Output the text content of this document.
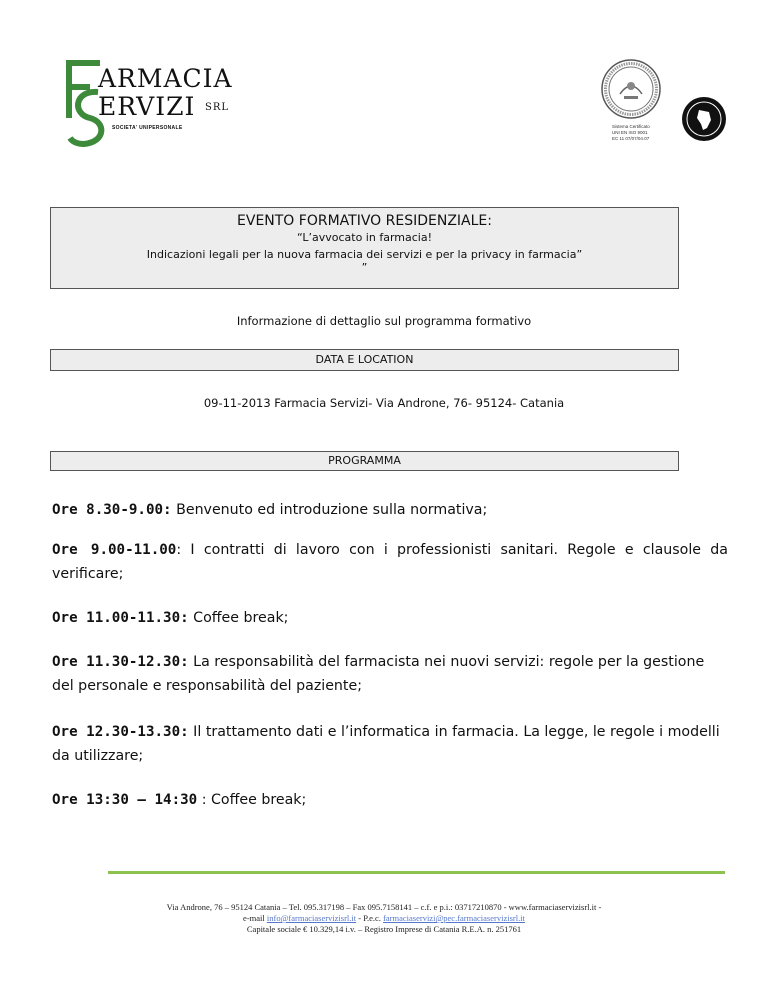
ARMACIA
ERVIZI SRL
SOCIETA' UNIPERSONALE	Sistema Certificato
UNI EN ISO 9001
EC 11 07/07/04.07
EVENTO FORMATIVO RESIDENZIALE:
“L’avvocato in farmacia!
Indicazioni legali per la nuova farmacia dei servizi e per la privacy in farmacia”
”
Informazione di dettaglio sul programma formativo
DATA E LOCATION
09-11-2013 Farmacia Servizi- Via Androne, 76- 95124- Catania
PROGRAMMA
Ore 8.30-9.00: Benvenuto ed introduzione sulla normativa;
Ore 9.00-11.00: I contratti di lavoro con i professionisti sanitari. Regole e clausole da verificare;
Ore 11.00-11.30: Coffee break;
Ore 11.30-12.30: La responsabilità del farmacista nei nuovi servizi: regole per la gestione del personale e responsabilità del paziente;
Ore 12.30-13.30: Il trattamento dati e l’informatica in farmacia. La legge, le regole i modelli da utilizzare;
Ore 13:30 – 14:30 : Coffee break;
Via Androne, 76 – 95124 Catania – Tel. 095.317198 – Fax 095.7158141 – c.f. e p.i.: 03717210870 - www.farmaciaservizisrl.it -
e-mail info@farmaciaservizisrl.it - P.e.c. farmaciaservizi@pec.farmaciaservizisrl.it
Capitale sociale € 10.329,14 i.v. – Registro Imprese di Catania R.E.A. n. 251761
